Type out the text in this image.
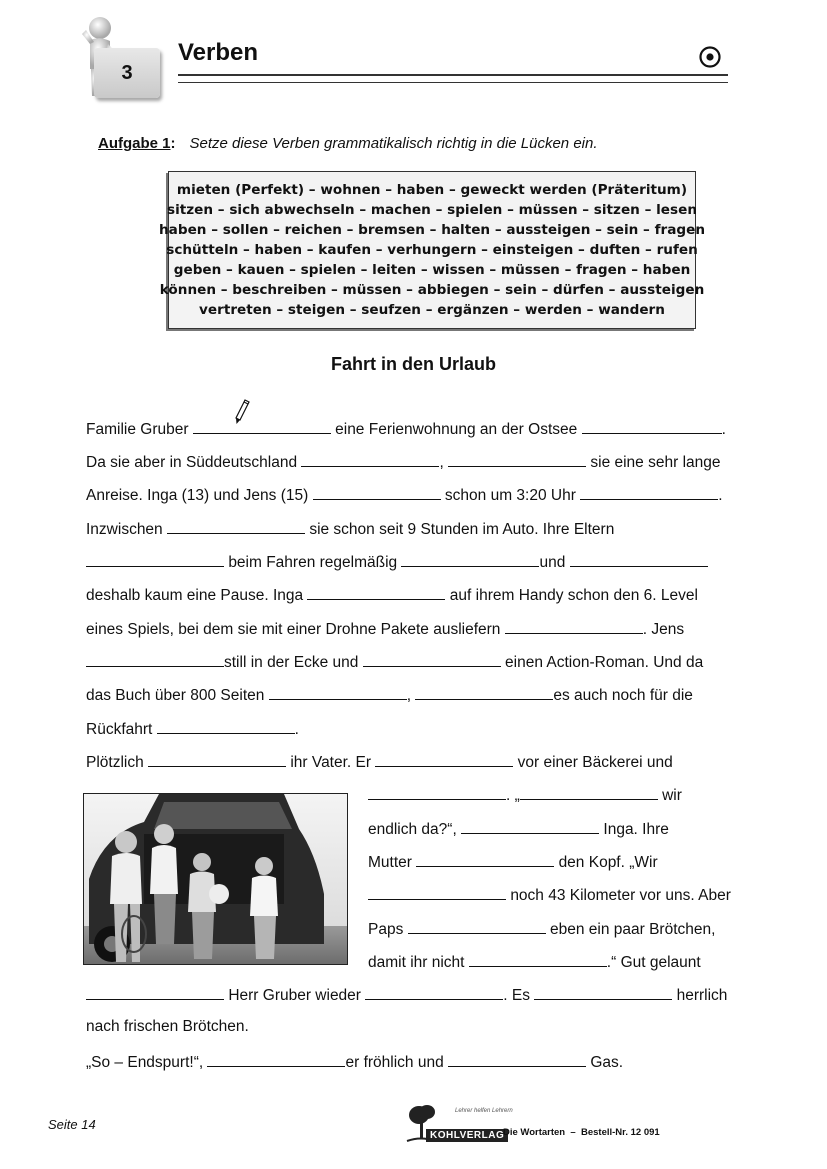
3
Verben
Aufgabe 1: Setze diese Verben grammatikalisch richtig in die Lücken ein.
mieten (Perfekt) – wohnen – haben – geweckt werden (Präteritum)
sitzen – sich abwechseln – machen – spielen – müssen – sitzen – lesen
haben – sollen – reichen – bremsen – halten – aussteigen – sein – fragen
schütteln – haben – kaufen – verhungern – einsteigen – duften – rufen
geben – kauen – spielen – leiten – wissen – müssen – fragen – haben
können – beschreiben – müssen – abbiegen – sein – dürfen – aussteigen
vertreten – steigen – seufzen – ergänzen – werden – wandern
Fahrt in den Urlaub
Familie Gruber	eine Ferienwohnung an der Ostsee	.
Da sie aber in Süddeutschland	,	sie eine sehr lange
Anreise. Inga (13) und Jens (15)	schon um 3:20 Uhr	.
Inzwischen	sie schon seit 9 Stunden im Auto. Ihre Eltern
beim Fahren regelmäßig	und
deshalb kaum eine Pause. Inga	auf ihrem Handy schon den 6. Level
eines Spiels, bei dem sie mit einer Drohne Pakete ausliefern	. Jens
still in der Ecke und	einen Action-Roman. Und da
das Buch über 800 Seiten	,	es auch noch für die
Rückfahrt	.
Plötzlich	ihr Vater. Er	vor einer Bäckerei und
. „	wir
endlich da?“,	Inga. Ihre
Mutter	den Kopf. „Wir
noch 43 Kilometer vor uns. Aber
Paps	eben ein paar Brötchen,
damit ihr nicht	.“ Gut gelaunt
Herr Gruber wieder	. Es	herrlich
nach frischen Brötchen.
„So – Endspurt!“,	er fröhlich und	Gas.
Seite 14
Lehrer helfen Lehrern
KOHLVERLAG
Die Wortarten – Bestell-Nr. 12 091
